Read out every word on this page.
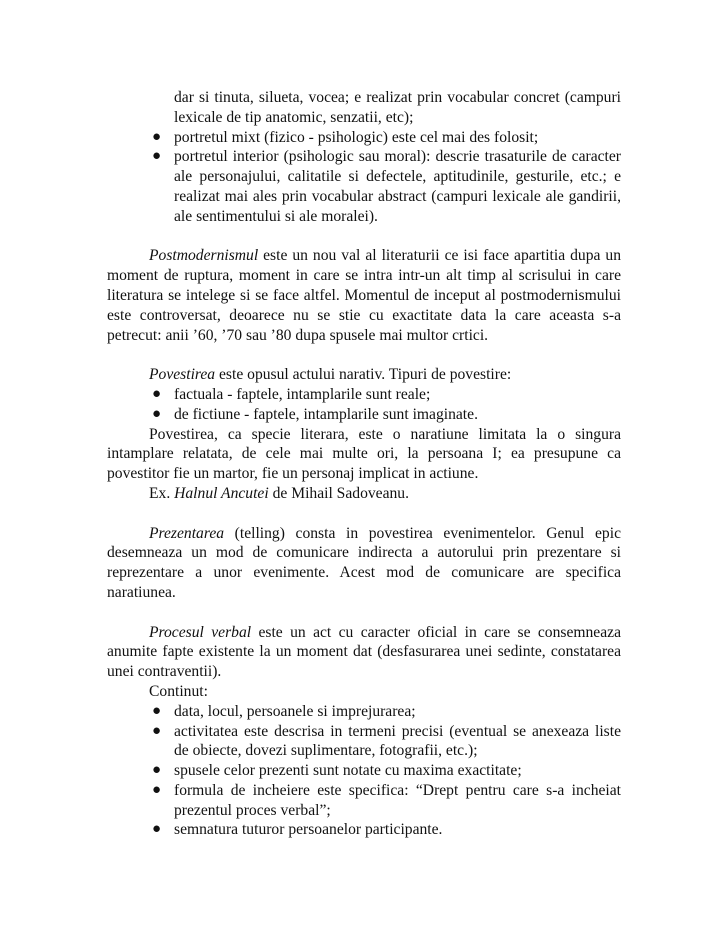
dar si tinuta, silueta, vocea; e realizat prin vocabular concret (campuri lexicale de tip anatomic, senzatii, etc);
● portretul mixt (fizico - psihologic) este cel mai des folosit;
● portretul interior (psihologic sau moral): descrie trasaturile de caracter ale personajului, calitatile si defectele, aptitudinile, gesturile, etc.; e realizat mai ales prin vocabular abstract (campuri lexicale ale gandirii, ale sentimentului si ale moralei).

Postmodernismul este un nou val al literaturii ce isi face apartitia dupa un moment de ruptura, moment in care se intra intr-un alt timp al scrisului in care literatura se intelege si se face altfel. Momentul de inceput al postmodernismului este controversat, deoarece nu se stie cu exactitate data la care aceasta s-a petrecut: anii ’60, ’70 sau ’80 dupa spusele mai multor crtici.

Povestirea este opusul actului narativ. Tipuri de povestire:

● factuala - faptele, intamplarile sunt reale;
● de fictiune - faptele, intamplarile sunt imaginate.

Povestirea, ca specie literara, este o naratiune limitata la o singura intamplare relatata, de cele mai multe ori, la persoana I; ea presupune ca povestitor fie un martor, fie un personaj implicat in actiune.

Ex. Halnul Ancutei de Mihail Sadoveanu.

Prezentarea (telling) consta in povestirea evenimentelor. Genul epic desemneaza un mod de comunicare indirecta a autorului prin prezentare si reprezentare a unor evenimente. Acest mod de comunicare are specifica naratiunea.

Procesul verbal este un act cu caracter oficial in care se consemneaza anumite fapte existente la un moment dat (desfasurarea unei sedinte, constatarea unei contraventii).

Continut:
● data, locul, persoanele si imprejurarea;
● activitatea este descrisa in termeni precisi (eventual se anexeaza liste de obiecte, dovezi suplimentare, fotografii, etc.);
● spusele celor prezenti sunt notate cu maxima exactitate;
● formula de incheiere este specifica: “Drept pentru care s-a incheiat prezentul proces verbal”;
● semnatura tuturor persoanelor participante.
